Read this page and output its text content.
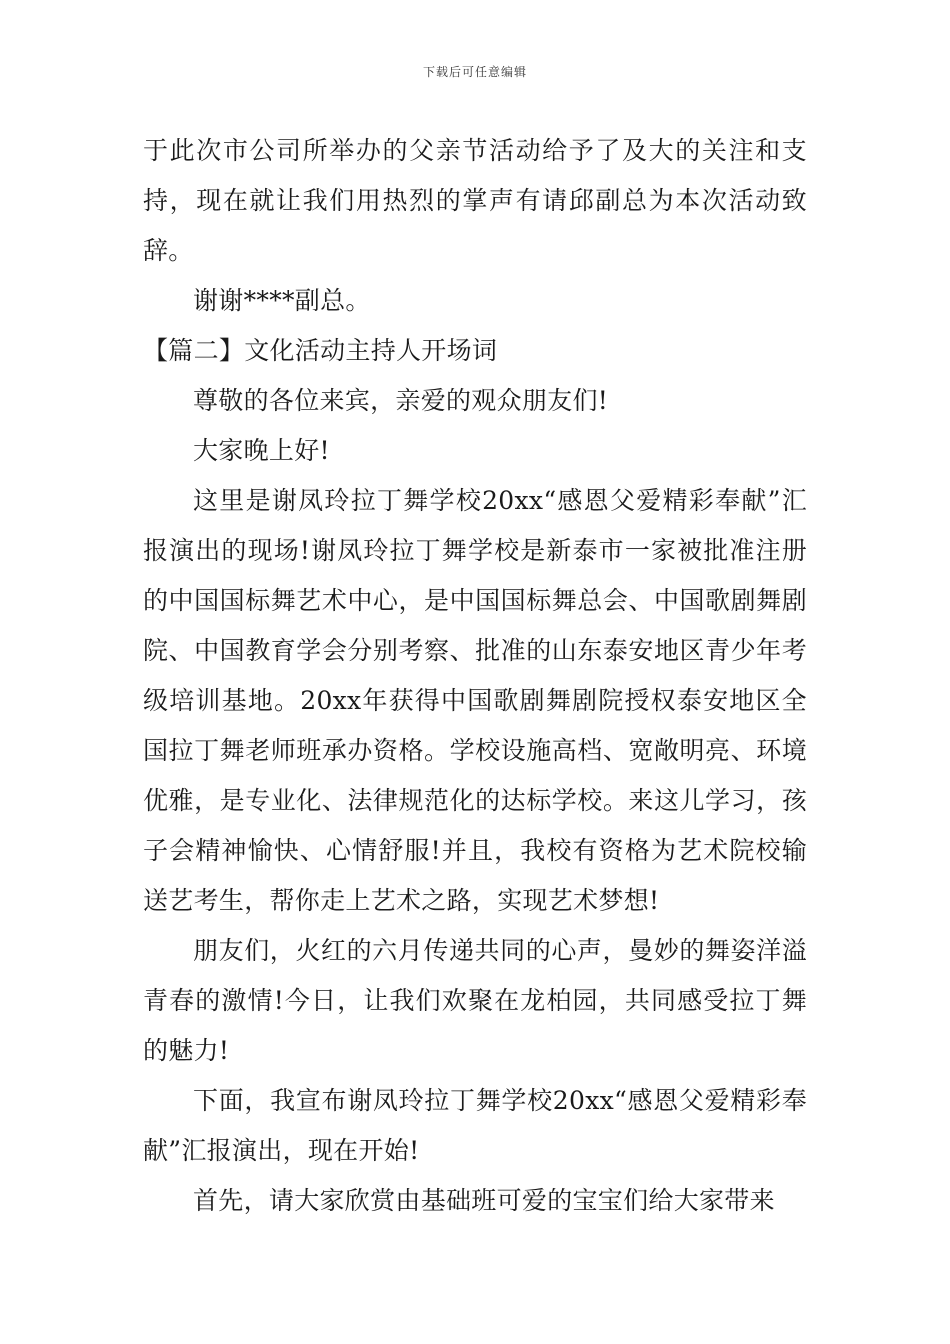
下载后可任意编辑

于此次市公司所举办的父亲节活动给予了及大的关注和支持，现在就让我们用热烈的掌声有请邱副总为本次活动致辞。

谢谢****副总。

【篇二】文化活动主持人开场词

尊敬的各位来宾，亲爱的观众朋友们!

大家晚上好!

这里是谢凤玲拉丁舞学校20xx“感恩父爱精彩奉献”汇报演出的现场!谢凤玲拉丁舞学校是新泰市一家被批准注册的中国国标舞艺术中心，是中国国标舞总会、中国歌剧舞剧院、中国教育学会分别考察、批准的山东泰安地区青少年考级培训基地。20xx年获得中国歌剧舞剧院授权泰安地区全国拉丁舞老师班承办资格。学校设施高档、宽敞明亮、环境优雅，是专业化、法律规范化的达标学校。来这儿学习，孩子会精神愉快、心情舒服!并且，我校有资格为艺术院校输送艺考生，帮你走上艺术之路，实现艺术梦想!

朋友们，火红的六月传递共同的心声，曼妙的舞姿洋溢青春的激情!今日，让我们欢聚在龙柏园，共同感受拉丁舞的魅力!

下面，我宣布谢凤玲拉丁舞学校20xx“感恩父爱精彩奉献”汇报演出，现在开始!

首先，请大家欣赏由基础班可爱的宝宝们给大家带来
